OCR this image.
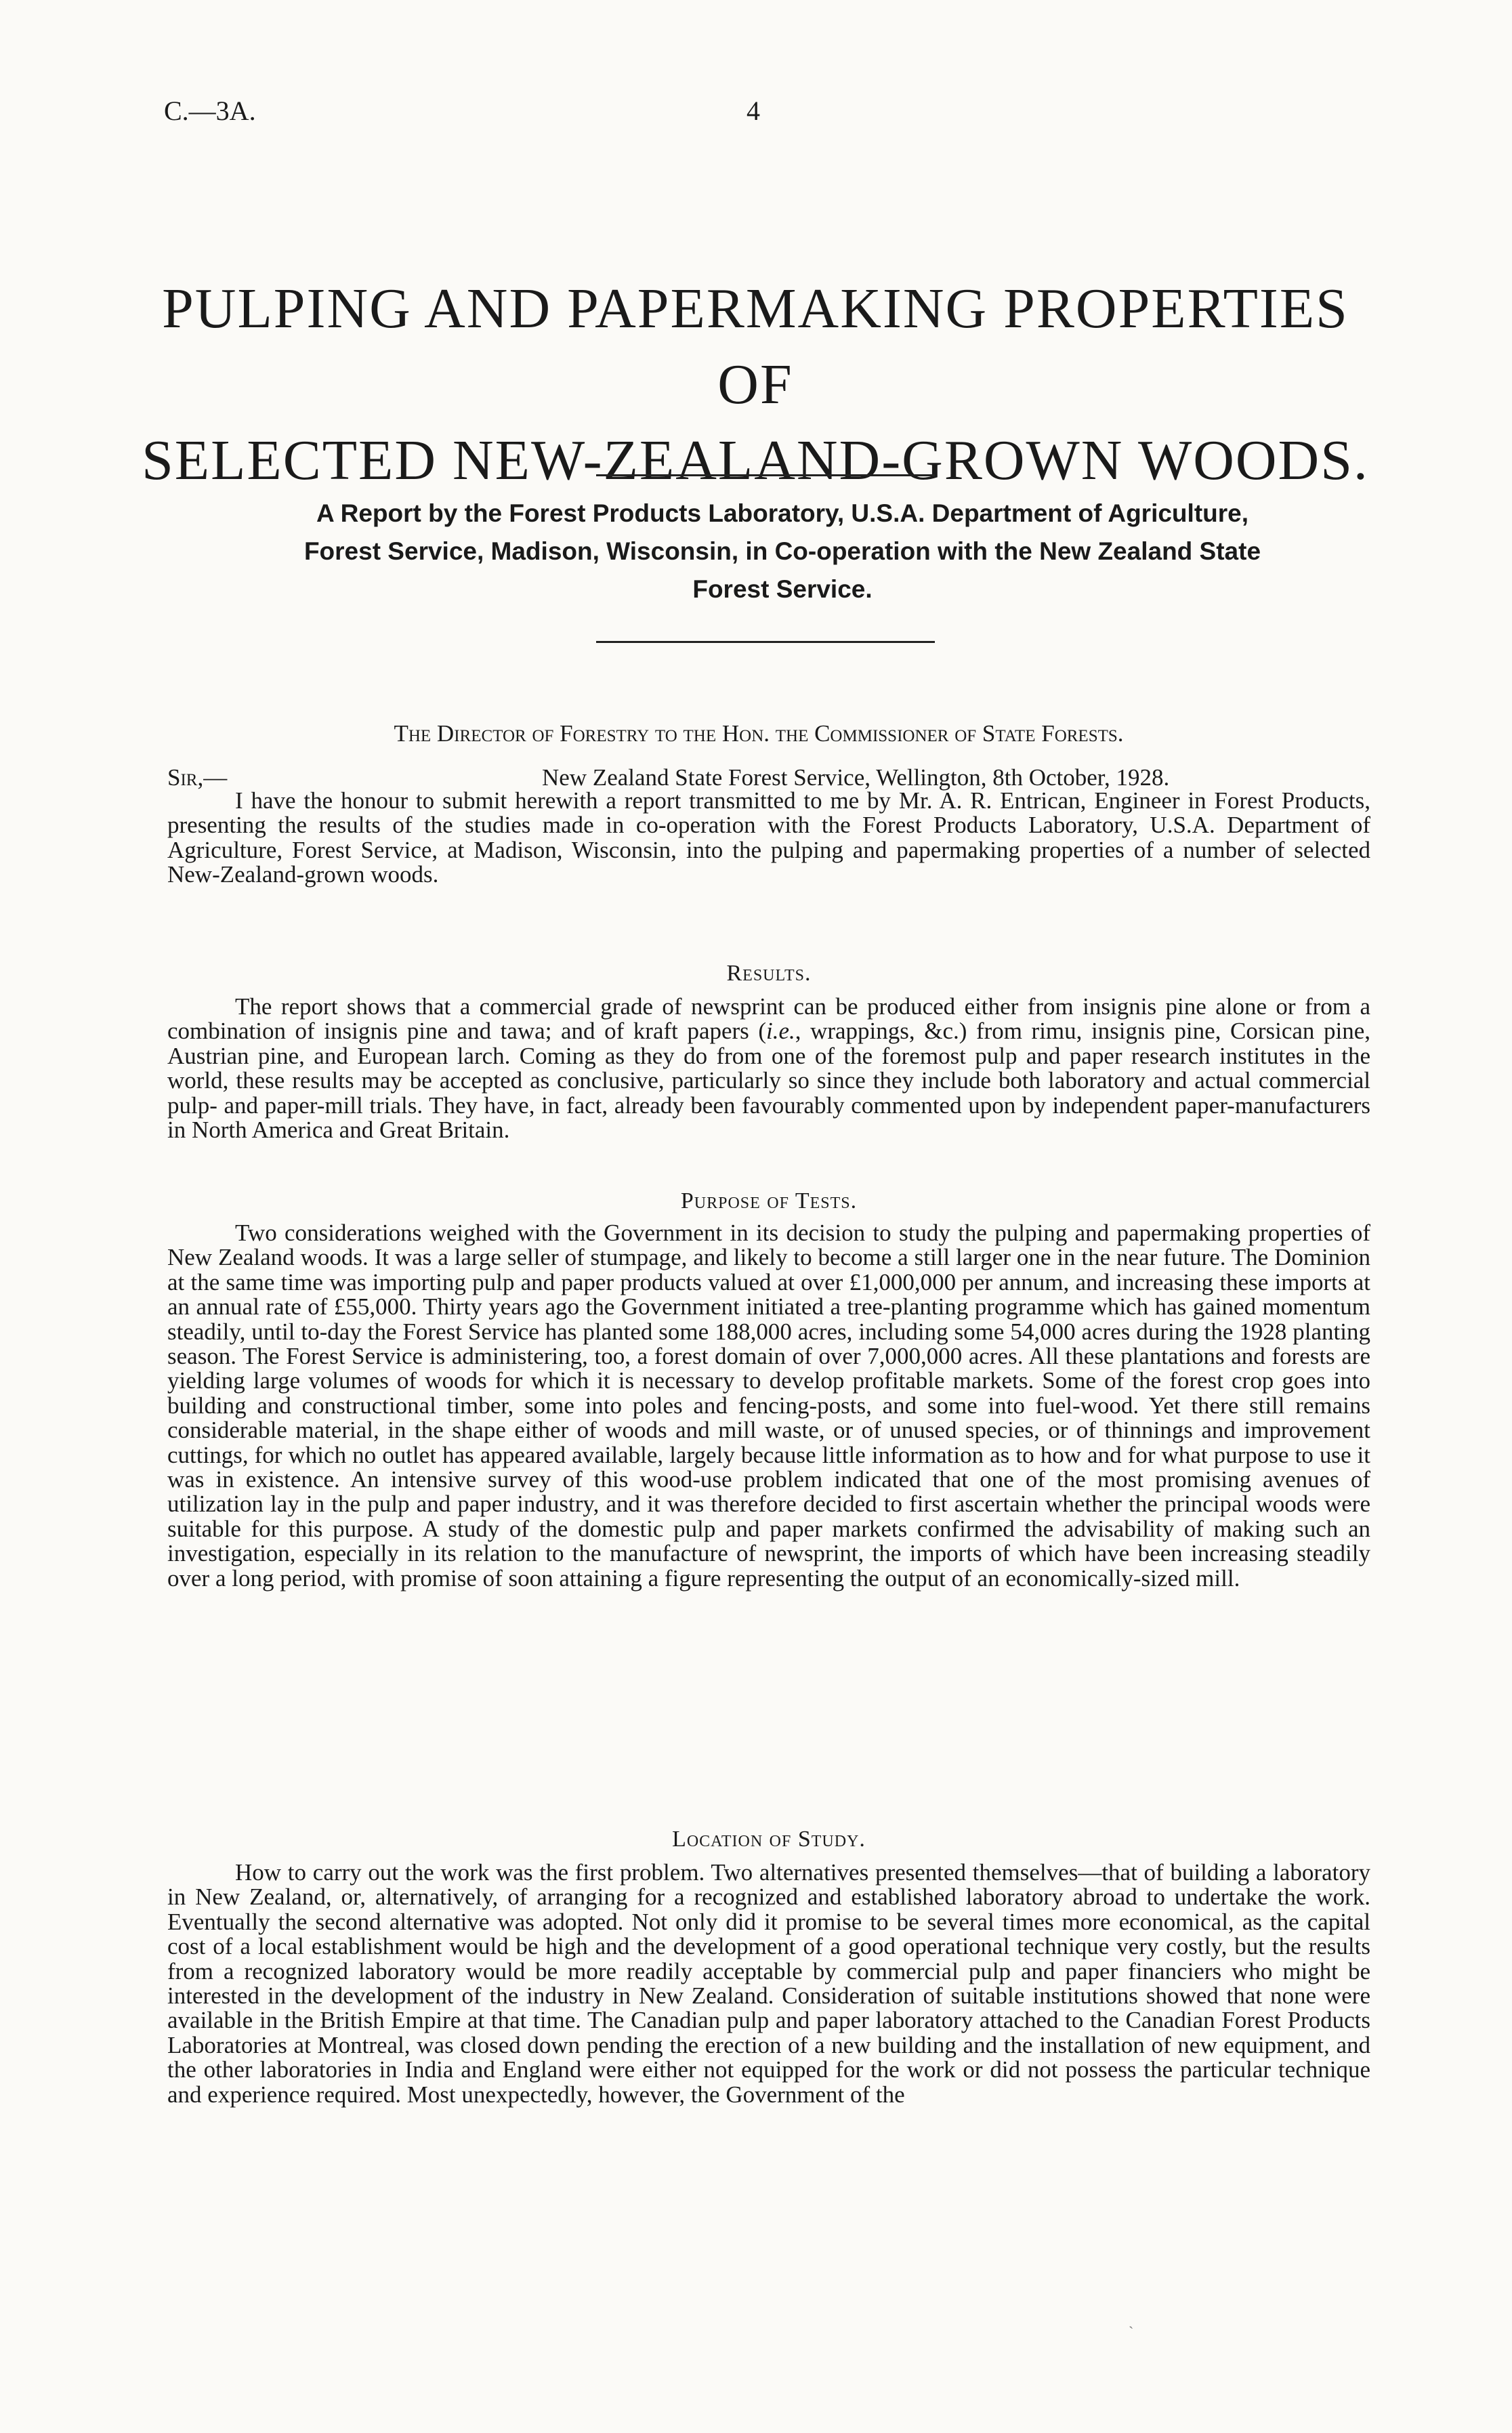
C.—3A.	4
PULPING AND PAPERMAKING PROPERTIES OF
SELECTED NEW-ZEALAND-GROWN WOODS.
A Report by the Forest Products Laboratory, U.S.A. Department of Agriculture,
Forest Service, Madison, Wisconsin, in Co-operation with the New Zealand State
Forest Service.
The Director of Forestry to the Hon. the Commissioner of State Forests.
Sir,—	New Zealand State Forest Service, Wellington, 8th October, 1928.

I have the honour to submit herewith a report transmitted to me by Mr. A. R. Entrican, Engineer in Forest Products, presenting the results of the studies made in co-operation with the Forest Products Laboratory, U.S.A. Department of Agriculture, Forest Service, at Madison, Wisconsin, into the pulping and papermaking properties of a number of selected New-Zealand-grown woods.

Results.

The report shows that a commercial grade of newsprint can be produced either from insignis pine alone or from a combination of insignis pine and tawa; and of kraft papers (i.e., wrappings, &c.) from rimu, insignis pine, Corsican pine, Austrian pine, and European larch. Coming as they do from one of the foremost pulp and paper research institutes in the world, these results may be accepted as conclusive, particularly so since they include both laboratory and actual commercial pulp- and paper-mill trials. They have, in fact, already been favourably commented upon by independent paper-manufacturers in North America and Great Britain.

Purpose of Tests.

Two considerations weighed with the Government in its decision to study the pulping and papermaking properties of New Zealand woods. It was a large seller of stumpage, and likely to become a still larger one in the near future. The Dominion at the same time was importing pulp and paper products valued at over £1,000,000 per annum, and increasing these imports at an annual rate of £55,000. Thirty years ago the Government initiated a tree-planting programme which has gained momentum steadily, until to-day the Forest Service has planted some 188,000 acres, including some 54,000 acres during the 1928 planting season. The Forest Service is administering, too, a forest domain of over 7,000,000 acres. All these plantations and forests are yielding large volumes of woods for which it is necessary to develop profitable markets. Some of the forest crop goes into building and constructional timber, some into poles and fencing-posts, and some into fuel-wood. Yet there still remains considerable material, in the shape either of woods and mill waste, or of unused species, or of thinnings and improvement cuttings, for which no outlet has appeared available, largely because little information as to how and for what purpose to use it was in existence. An intensive survey of this wood-use problem indicated that one of the most promising avenues of utilization lay in the pulp and paper industry, and it was therefore decided to first ascertain whether the principal woods were suitable for this purpose. A study of the domestic pulp and paper markets confirmed the advisability of making such an investigation, especially in its relation to the manufacture of newsprint, the imports of which have been increasing steadily over a long period, with promise of soon attaining a figure representing the output of an economically-sized mill.

Location of Study.

How to carry out the work was the first problem. Two alternatives presented themselves—that of building a laboratory in New Zealand, or, alternatively, of arranging for a recognized and established laboratory abroad to undertake the work. Eventually the second alternative was adopted. Not only did it promise to be several times more economical, as the capital cost of a local establishment would be high and the development of a good operational technique very costly, but the results from a recognized laboratory would be more readily acceptable by commercial pulp and paper financiers who might be interested in the development of the industry in New Zealand. Consideration of suitable institutions showed that none were available in the British Empire at that time. The Canadian pulp and paper laboratory attached to the Canadian Forest Products Laboratories at Montreal, was closed down pending the erection of a new building and the installation of new equipment, and the other laboratories in India and England were either not equipped for the work or did not possess the particular technique and experience required. Most unexpectedly, however, the Government of the

ˎ
